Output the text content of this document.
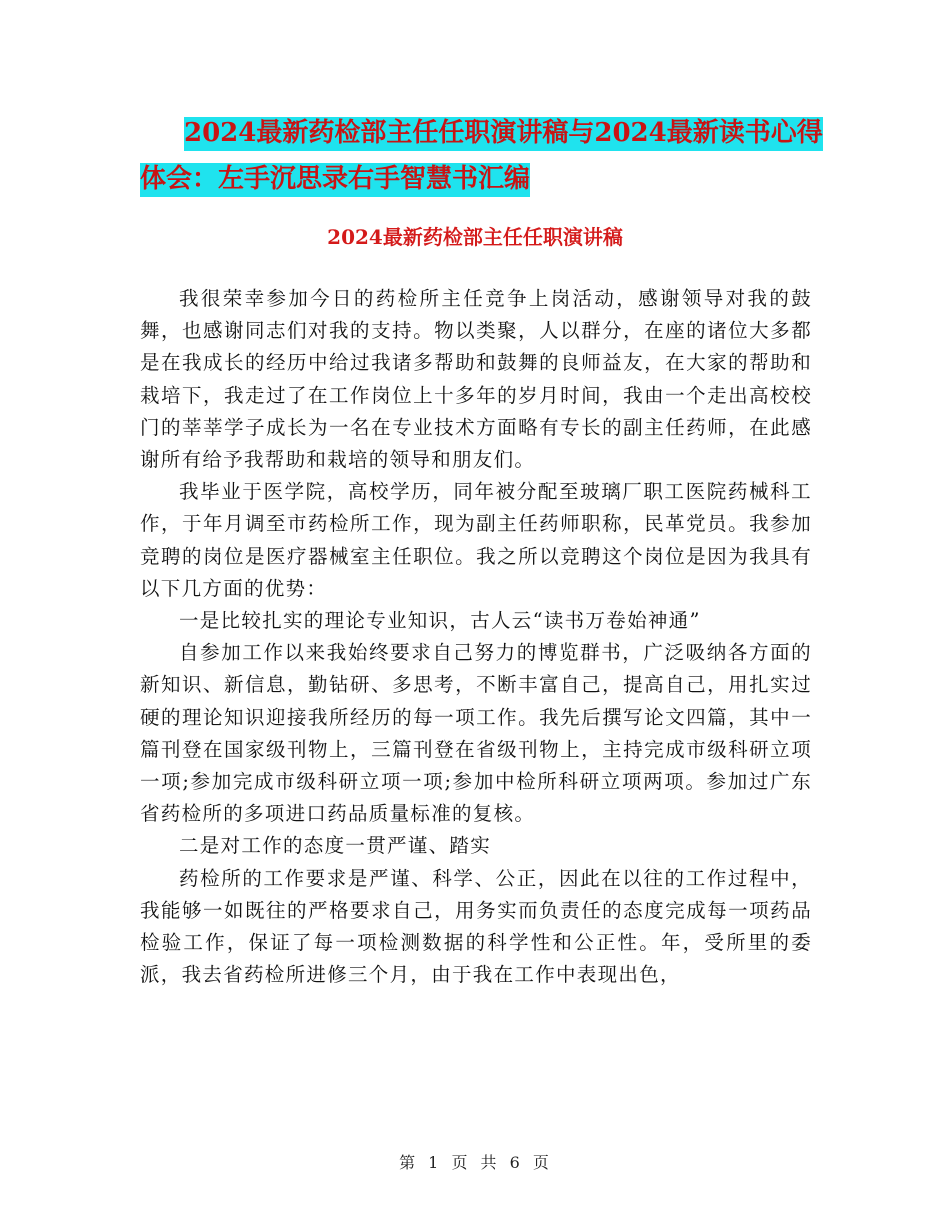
2024最新药检部主任任职演讲稿与2024最新读书心得
体会：左手沉思录右手智慧书汇编
2024最新药检部主任任职演讲稿

我很荣幸参加今日的药检所主任竞争上岗活动，感谢领导对我的鼓舞，也感谢同志们对我的支持。物以类聚，人以群分，在座的诸位大多都是在我成长的经历中给过我诸多帮助和鼓舞的良师益友，在大家的帮助和栽培下，我走过了在工作岗位上十多年的岁月时间，我由一个走出高校校门的莘莘学子成长为一名在专业技术方面略有专长的副主任药师，在此感谢所有给予我帮助和栽培的领导和朋友们。

我毕业于医学院，高校学历，同年被分配至玻璃厂职工医院药械科工作，于年月调至市药检所工作，现为副主任药师职称，民革党员。我参加竞聘的岗位是医疗器械室主任职位。我之所以竞聘这个岗位是因为我具有以下几方面的优势：

一是比较扎实的理论专业知识，古人云“读书万卷始神通”

自参加工作以来我始终要求自己努力的博览群书，广泛吸纳各方面的新知识、新信息，勤钻研、多思考，不断丰富自己，提高自己，用扎实过硬的理论知识迎接我所经历的每一项工作。我先后撰写论文四篇，其中一篇刊登在国家级刊物上，三篇刊登在省级刊物上，主持完成市级科研立项一项;参加完成市级科研立项一项;参加中检所科研立项两项。参加过广东省药检所的多项进口药品质量标准的复核。

二是对工作的态度一贯严谨、踏实

药检所的工作要求是严谨、科学、公正，因此在以往的工作过程中，我能够一如既往的严格要求自己，用务实而负责任的态度完成每一项药品检验工作，保证了每一项检测数据的科学性和公正性。年，受所里的委派，我去省药检所进修三个月，由于我在工作中表现出色，

第 1 页 共 6 页
